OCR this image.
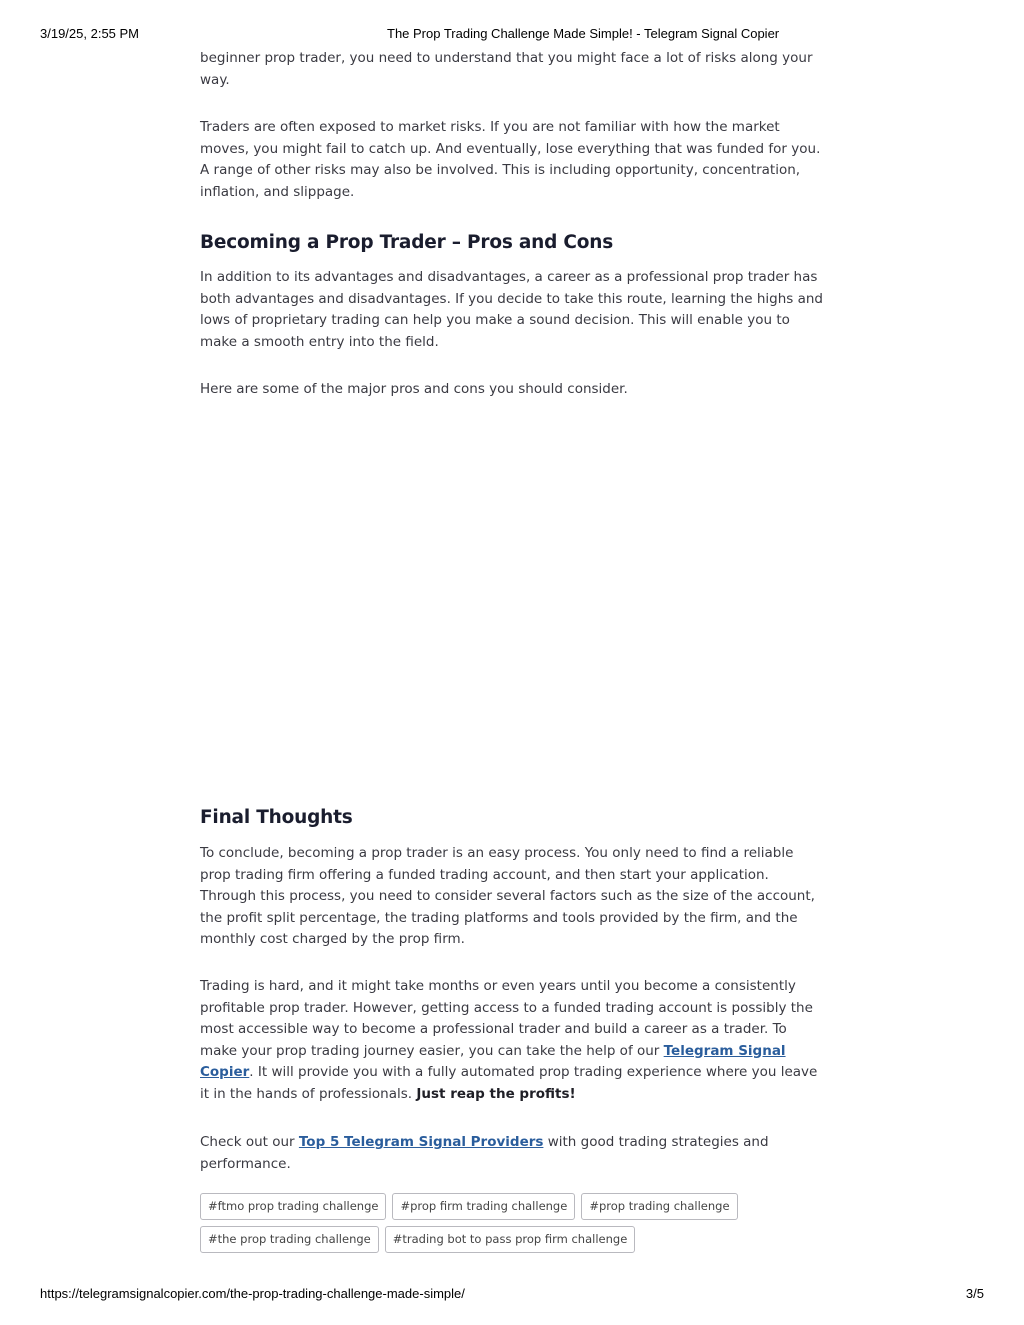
3/19/25, 2:55 PM	The Prop Trading Challenge Made Simple! - Telegram Signal Copier

beginner prop trader, you need to understand that you might face a lot of risks along your way.

Traders are often exposed to market risks. If you are not familiar with how the market moves, you might fail to catch up. And eventually, lose everything that was funded for you. A range of other risks may also be involved. This is including opportunity, concentration, inflation, and slippage.

Becoming a Prop Trader – Pros and Cons

In addition to its advantages and disadvantages, a career as a professional prop trader has both advantages and disadvantages. If you decide to take this route, learning the highs and lows of proprietary trading can help you make a sound decision. This will enable you to make a smooth entry into the field.

Here are some of the major pros and cons you should consider.

Final Thoughts

To conclude, becoming a prop trader is an easy process. You only need to find a reliable prop trading firm offering a funded trading account, and then start your application. Through this process, you need to consider several factors such as the size of the account, the profit split percentage, the trading platforms and tools provided by the firm, and the monthly cost charged by the prop firm.

Trading is hard, and it might take months or even years until you become a consistently profitable prop trader. However, getting access to a funded trading account is possibly the most accessible way to become a professional trader and build a career as a trader. To make your prop trading journey easier, you can take the help of our Telegram Signal Copier. It will provide you with a fully automated prop trading experience where you leave it in the hands of professionals. Just reap the profits!

Check out our Top 5 Telegram Signal Providers with good trading strategies and performance.

#ftmo prop trading challenge	#prop firm trading challenge	#prop trading challenge
#the prop trading challenge	#trading bot to pass prop firm challenge
https://telegramsignalcopier.com/the-prop-trading-challenge-made-simple/	3/5
